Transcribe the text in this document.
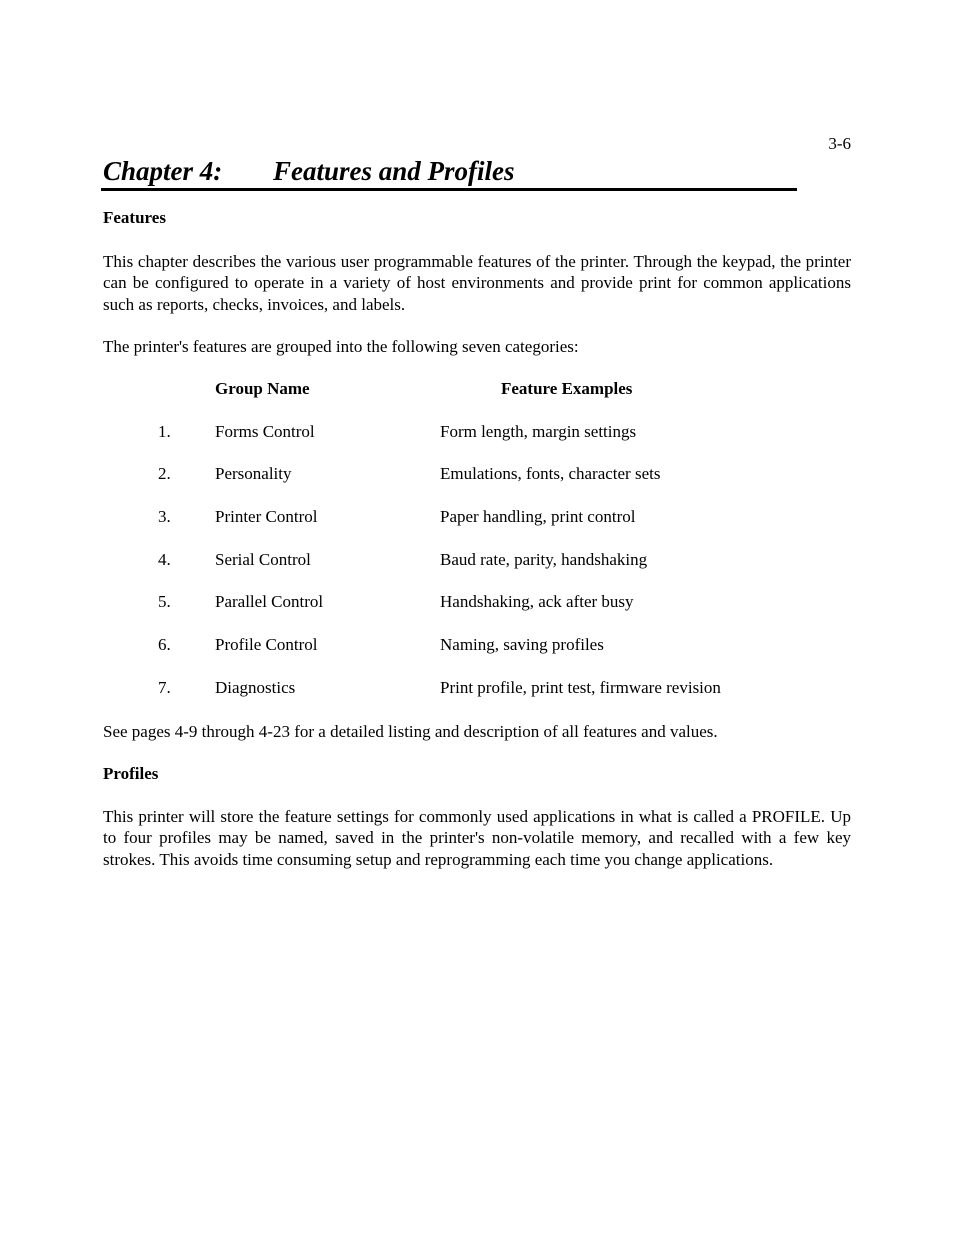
3-6
Chapter 4: Features and Profiles
Features

This chapter describes the various user programmable features of the printer. Through the keypad, the printer can be configured to operate in a variety of host environments and provide print for common applications such as reports, checks, invoices, and labels.

The printer's features are grouped into the following seven categories:

Group Name	Feature Examples
1.	Forms Control	Form length, margin settings
2.	Personality	Emulations, fonts, character sets
3.	Printer Control	Paper handling, print control
4.	Serial Control	Baud rate, parity, handshaking
5.	Parallel Control	Handshaking, ack after busy
6.	Profile Control	Naming, saving profiles
7.	Diagnostics	Print profile, print test, firmware revision

See pages 4-9 through 4-23 for a detailed listing and description of all features and values.

Profiles

This printer will store the feature settings for commonly used applications in what is called a PROFILE. Up to four profiles may be named, saved in the printer's non-volatile memory, and recalled with a few key strokes. This avoids time consuming setup and reprogramming each time you change applications.
